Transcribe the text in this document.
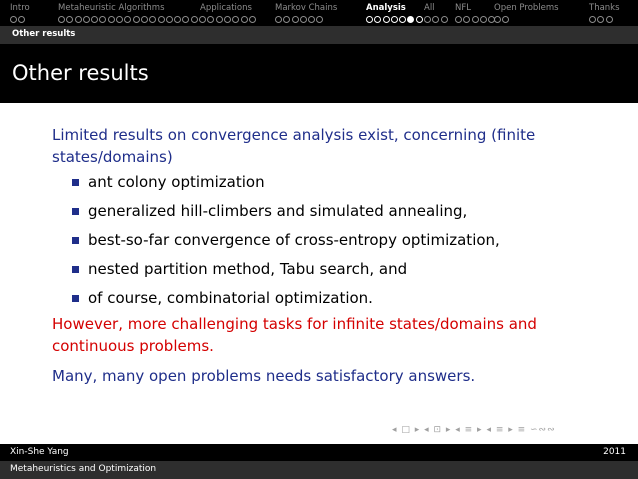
Intro	Metaheuristic Algorithms	Applications	Markov Chains	Analysis	All	NFL	Open Problems	Thanks
Other results
Other results

Limited results on convergence analysis exist, concerning (finite states/domains)

ant colony optimization
generalized hill-climbers and simulated annealing,
best-so-far convergence of cross-entropy optimization,
nested partition method, Tabu search, and
of course, combinatorial optimization.

However, more challenging tasks for infinite states/domains and continuous problems.

Many, many open problems needs satisfactory answers.

◂ □ ▸ ◂ ⊡ ▸ ◂ ≡ ▸ ◂ ≡ ▸ ≡ ∽∾∾
Xin-She Yang	2011
Metaheuristics and Optimization
